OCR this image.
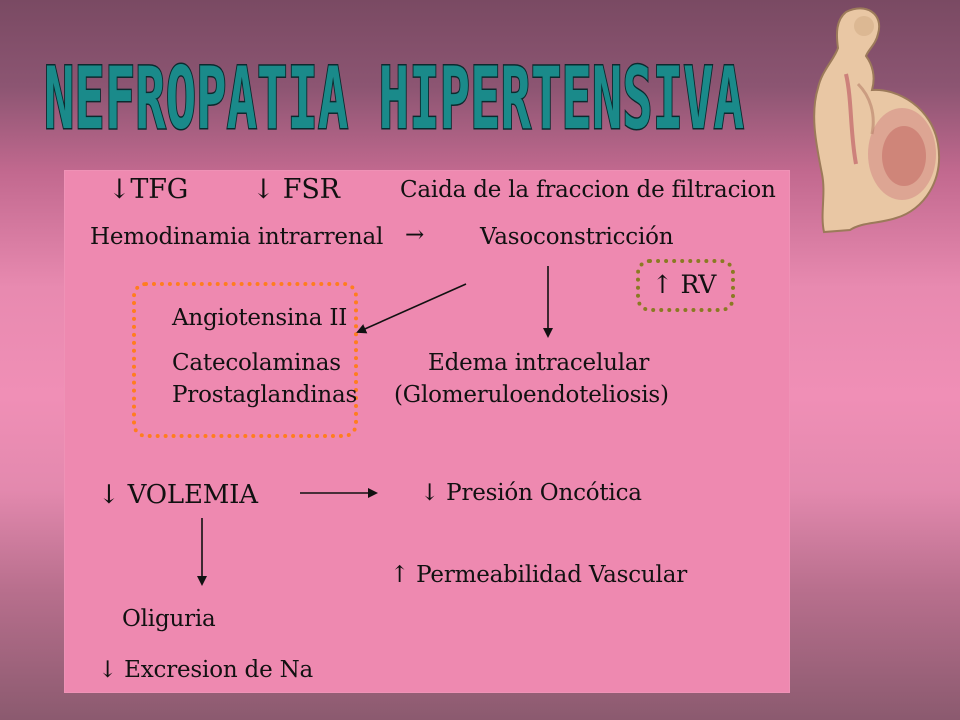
NEFROPATIA HIPERTENSIVA
↓TFG ↓ FSR	Caida de la fraccion de filtracion
Hemodinamia intrarrenal → Vasoconstricción
↑ RV
Angiotensina II
Catecolaminas
Prostaglandinas
Edema intracelular
(Glomeruloendoteliosis)
↓ VOLEMIA	↓ Presión Oncótica
↑ Permeabilidad Vascular
Oliguria
↓ Excresion de Na
